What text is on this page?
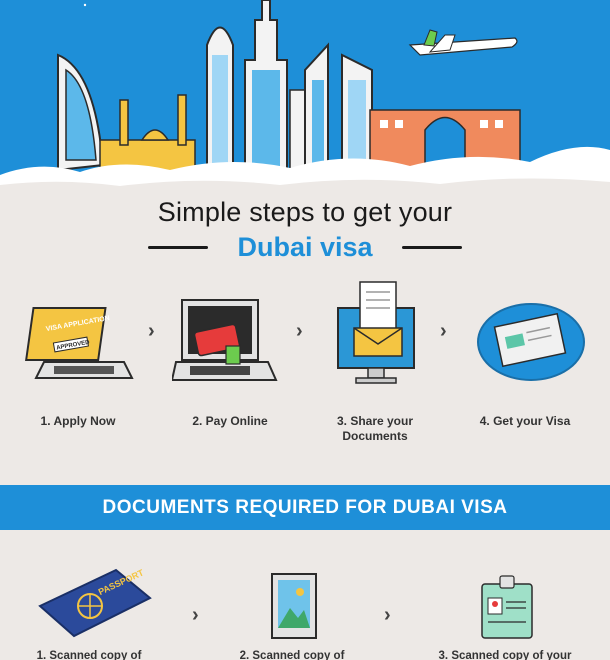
Simple steps to get your
Dubai visa
VISA APPLICATION
APPROVED
›
1. Apply Now
›
2. Pay Online
›
3. Share your
Documents
4. Get your Visa
DOCUMENTS REQUIRED FOR DUBAI VISA
PASSPORT
›	›
1. Scanned copy of	2. Scanned copy of	3. Scanned copy of your
